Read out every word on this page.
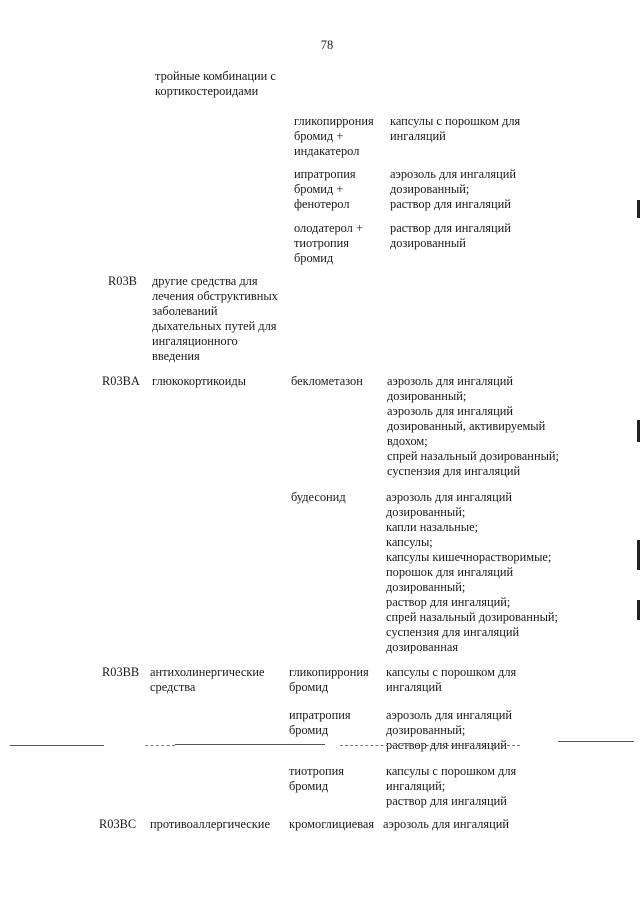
78
тройные комбинации с
кортикостероидами
гликопиррония
бромид +
индакатерол
капсулы с порошком для
ингаляций
ипратропия
бромид +
фенотерол
аэрозоль для ингаляций
дозированный;
раствор для ингаляций
олодатерол +
тиотропия
бромид
раствор для ингаляций
дозированный
R03B другие средства для
лечения обструктивных
заболеваний
дыхательных путей для
ингаляционного
введения
R03BA глюкокортикоиды	беклометазон аэрозоль для ингаляций
дозированный;
аэрозоль для ингаляций
дозированный, активируемый
вдохом;
спрей назальный дозированный;
суспензия для ингаляций
будесонид	аэрозоль для ингаляций
дозированный;
капли назальные;
капсулы;
капсулы кишечнорастворимые;
порошок для ингаляций
дозированный;
раствор для ингаляций;
спрей назальный дозированный;
суспензия для ингаляций
дозированная
R03BB антихолинергические
средства
гликопиррония
бромид
капсулы с порошком для
ингаляций
ипратропия
бромид
аэрозоль для ингаляций
дозированный;
раствор для ингаляций
тиотропия
бромид
капсулы с порошком для
ингаляций;
раствор для ингаляций
R03BC противоаллергические кромоглициевая аэрозоль для ингаляций
